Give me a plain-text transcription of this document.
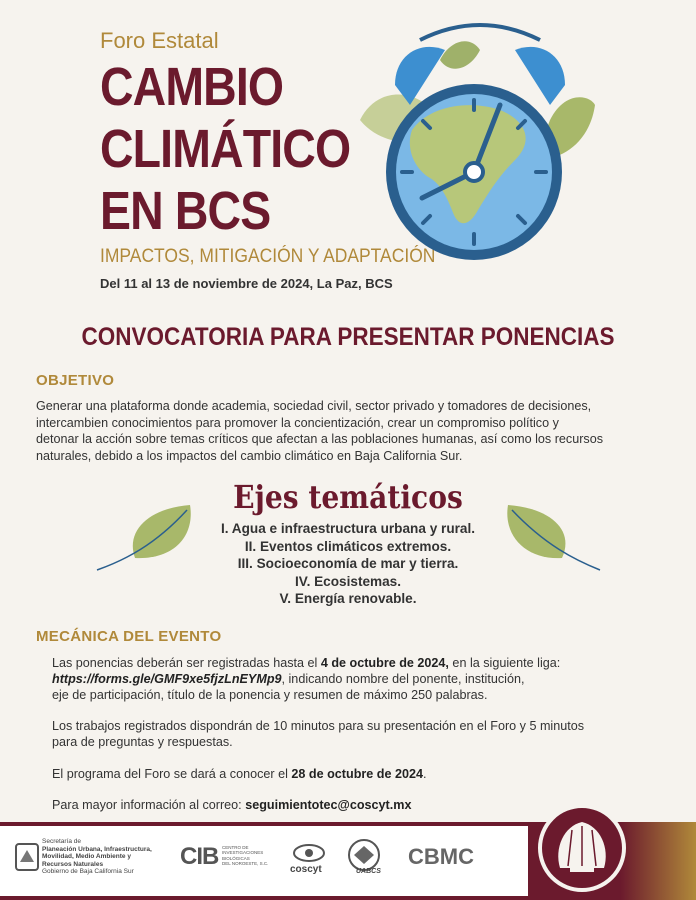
Foro Estatal
CAMBIO
CLIMÁTICO
EN BCS
IMPACTOS, MITIGACIÓN Y ADAPTACIÓN
Del 11 al 13 de noviembre de 2024, La Paz, BCS
CONVOCATORIA PARA PRESENTAR PONENCIAS
OBJETIVO
Generar una plataforma donde academia, sociedad civil, sector privado y tomadores de decisiones,
intercambien conocimientos para promover la concientización, crear un compromiso político y
detonar la acción sobre temas críticos que afectan a las poblaciones humanas, así como los recursos
naturales, debido a los impactos del cambio climático en Baja California Sur.
Ejes temáticos
I. Agua e infraestructura urbana y rural.
II. Eventos climáticos extremos.
III. Socioeconomía de mar y tierra.
IV. Ecosistemas.
V. Energía renovable.
MECÁNICA DEL EVENTO
Las ponencias deberán ser registradas hasta el 4 de octubre de 2024, en la siguiente liga:
https://forms.gle/GMF9xe5fjzLnEYMp9, indicando nombre del ponente, institución,
eje de participación, título de la ponencia y resumen de máximo 250 palabras.
Los trabajos registrados dispondrán de 10 minutos para su presentación en el Foro y 5 minutos
para de preguntas y respuestas.
El programa del Foro se dará a conocer el 28 de octubre de 2024.
Para mayor información al correo: seguimientotec@coscyt.mx
Secretaría de
Planeación Urbana, Infraestructura,
Movilidad, Medio Ambiente y
Recursos Naturales
Gobierno de Baja California Sur
CIB CENTRO DE
INVESTIGACIONES
BIOLÓGICAS
DEL NOROESTE, S.C.
coscyt	UABCS
CBMC
